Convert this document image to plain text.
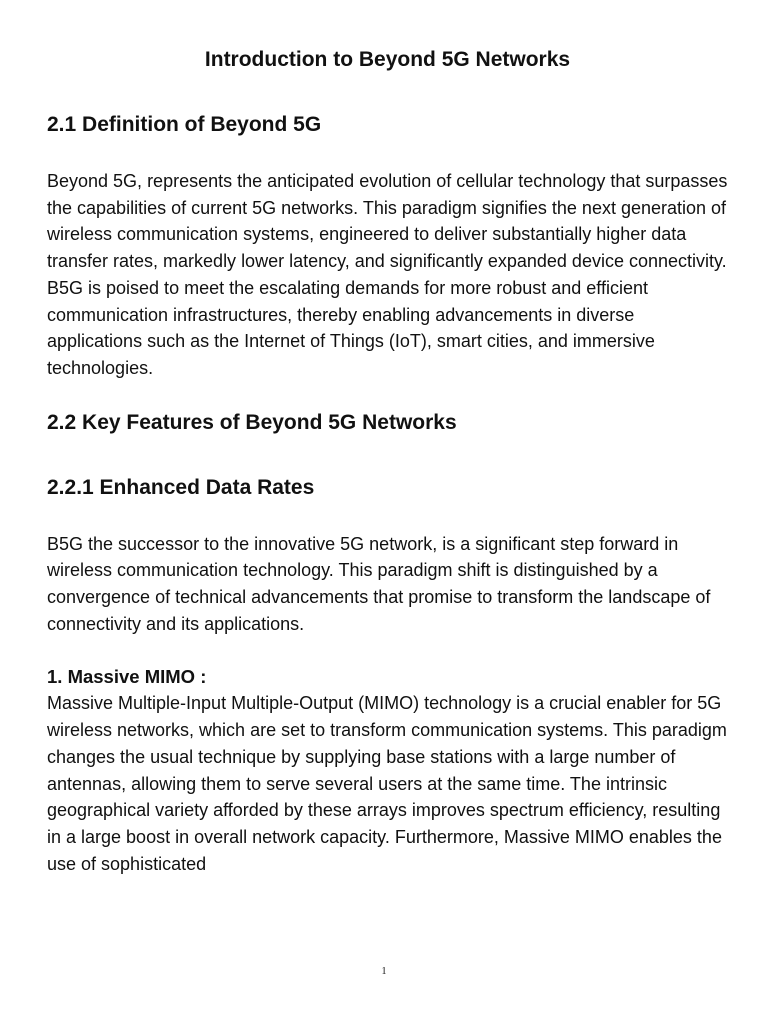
Introduction to Beyond 5G Networks
2.1 Definition of Beyond 5G

Beyond 5G, represents the anticipated evolution of cellular technology that surpasses the capabilities of current 5G networks. This paradigm signifies the next generation of wireless communication systems, engineered to deliver substantially higher data transfer rates, markedly lower latency, and significantly expanded device connectivity. B5G is poised to meet the escalating demands for more robust and efficient communication infrastructures, thereby enabling advancements in diverse applications such as the Internet of Things (IoT), smart cities, and immersive technologies.

2.2 Key Features of Beyond 5G Networks
2.2.1 Enhanced Data Rates

B5G the successor to the innovative 5G network, is a significant step forward in wireless communication technology. This paradigm shift is distinguished by a convergence of technical advancements that promise to transform the landscape of connectivity and its applications.

1. Massive MIMO :

Massive Multiple-Input Multiple-Output (MIMO) technology is a crucial enabler for 5G wireless networks, which are set to transform communication systems. This paradigm changes the usual technique by supplying base stations with a large number of antennas, allowing them to serve several users at the same time. The intrinsic geographical variety afforded by these arrays improves spectrum efficiency, resulting in a large boost in overall network capacity. Furthermore, Massive MIMO enables the use of sophisticated

1
